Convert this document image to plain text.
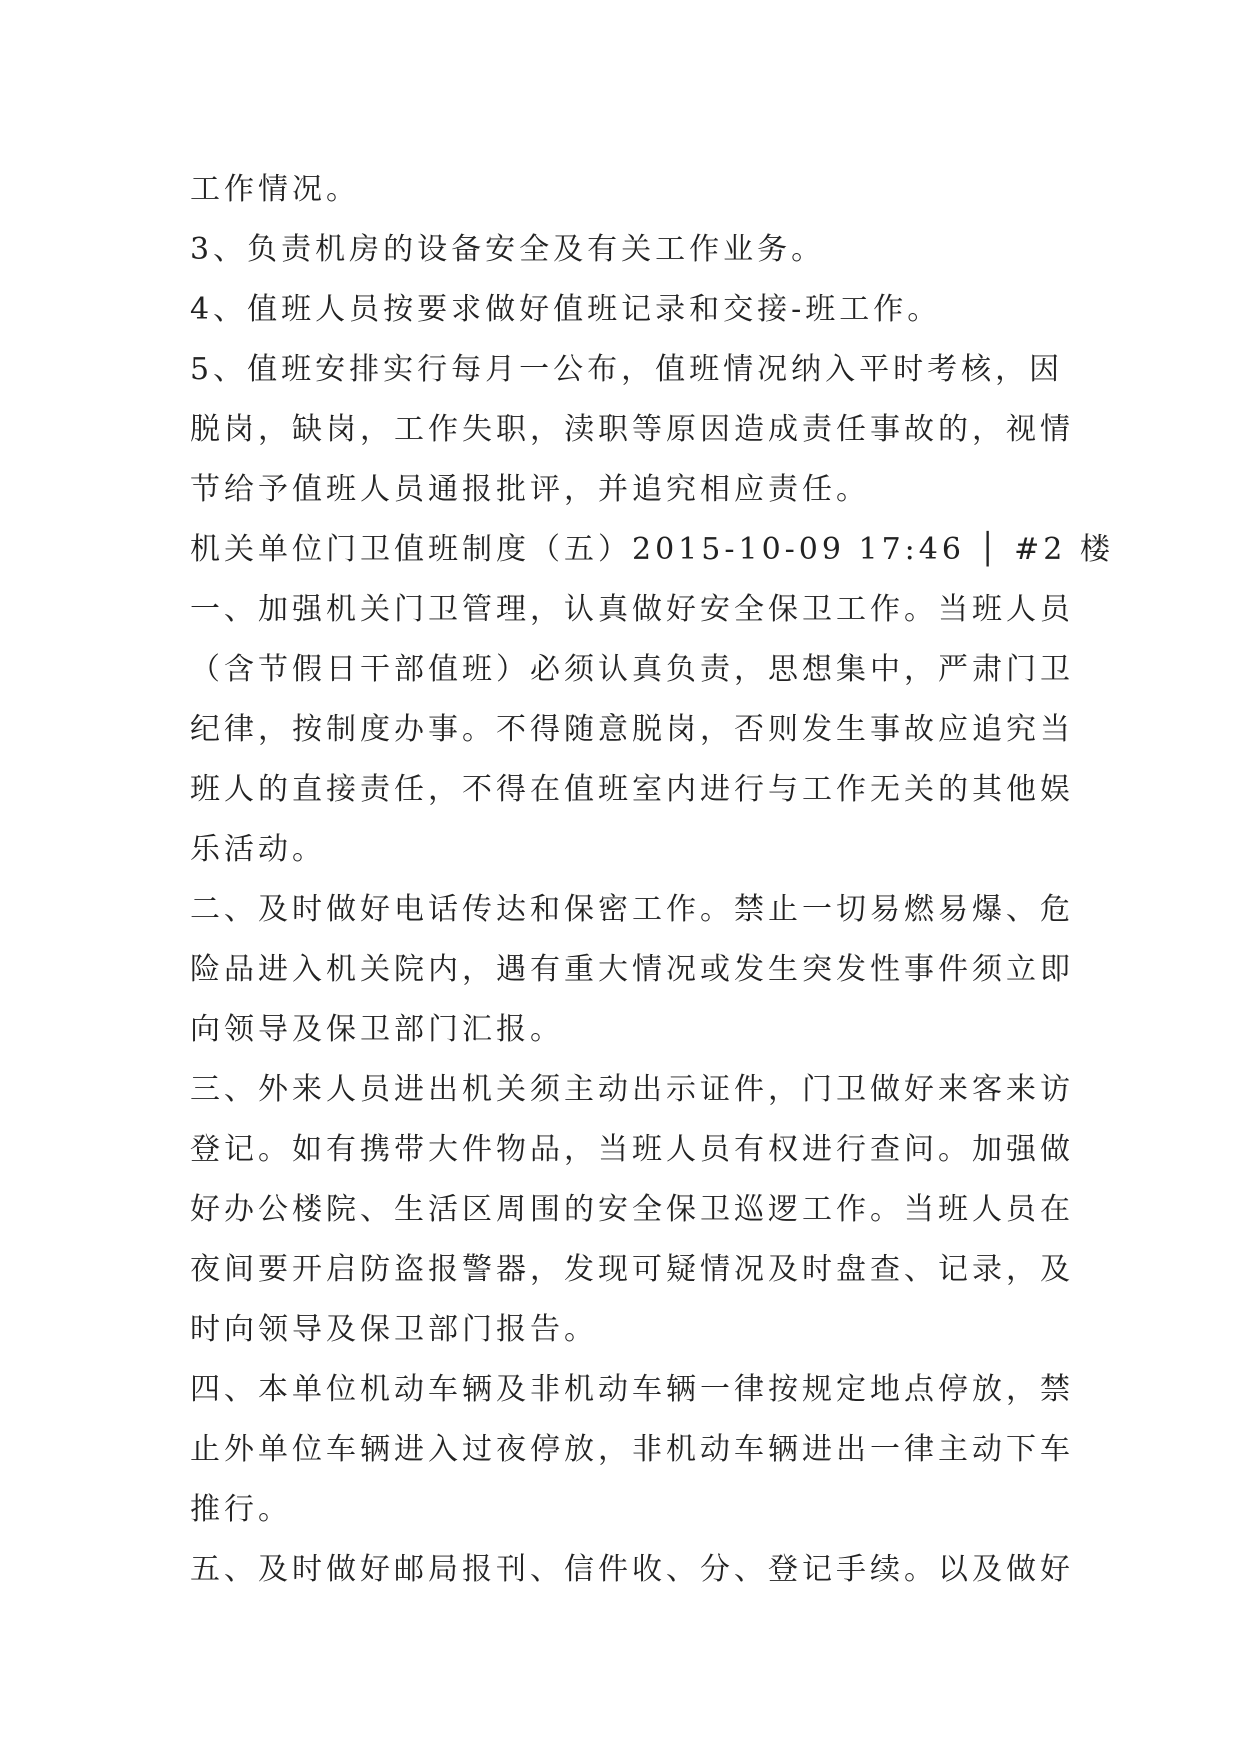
工作情况。
3、负责机房的设备安全及有关工作业务。
4、值班人员按要求做好值班记录和交接-班工作。
5、值班安排实行每月一公布，值班情况纳入平时考核，因
脱岗，缺岗，工作失职，渎职等原因造成责任事故的，视情
节给予值班人员通报批评，并追究相应责任。
机关单位门卫值班制度（五）2015-10-09 17:46 │ #2 楼
一、加强机关门卫管理，认真做好安全保卫工作。当班人员
（含节假日干部值班）必须认真负责，思想集中，严肃门卫
纪律，按制度办事。不得随意脱岗，否则发生事故应追究当
班人的直接责任，不得在值班室内进行与工作无关的其他娱
乐活动。
二、及时做好电话传达和保密工作。禁止一切易燃易爆、危
险品进入机关院内，遇有重大情况或发生突发性事件须立即
向领导及保卫部门汇报。
三、外来人员进出机关须主动出示证件，门卫做好来客来访
登记。如有携带大件物品，当班人员有权进行查问。加强做
好办公楼院、生活区周围的安全保卫巡逻工作。当班人员在
夜间要开启防盗报警器，发现可疑情况及时盘查、记录，及
时向领导及保卫部门报告。
四、本单位机动车辆及非机动车辆一律按规定地点停放，禁
止外单位车辆进入过夜停放，非机动车辆进出一律主动下车
推行。
五、及时做好邮局报刊、信件收、分、登记手续。以及做好
